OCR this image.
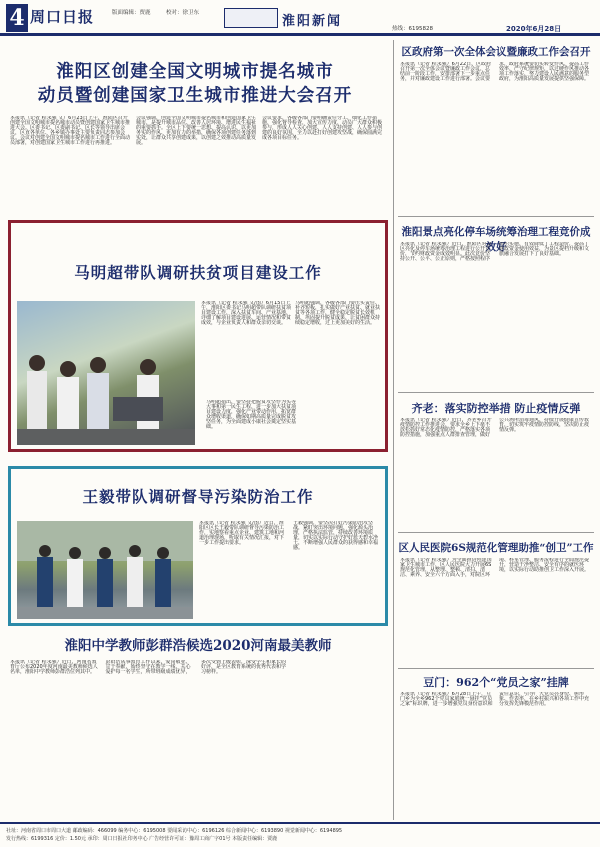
4 周口日报	版面编辑：贾鹿	校对：徐卫东
淮阳新闻	热线：6195828	2020年6月28日
淮阳区创建全国文明城市提名城市
动员暨创建国家卫生城市推进大会召开
本报讯（记者 程永强 文）6月23日上午，淮阳区召开创建全国文明城市提名城市动员暨创建国家卫生城市推进大会。区委书记、区委副书记、区长等领导出席会议，区直各单位、各乡镇办事处主要负责同志参加会议。会议对创建全国文明城市提名城市工作进行全面动员部署，对创建国家卫生城市工作进行再推进。
会议强调，创建全国文明城市提名城市和创建国家卫生城市，是提升城市品位、改善人居环境、增进民生福祉的重要抓手。全区上下要统一思想、提高认识，以更加务实的作风、更加有力的举措，确保各项创建任务落到实处，让群众共享创建成果，以创建之效推动高质量发展。
会议要求，各级各部门要明确责任分工，细化工作措施，强化督导检查，加大宣传力度，动员广大群众积极参与，形成人人关心创建、人人支持创建、人人参与创建的良好氛围，全力以赴打好创建攻坚战，确保圆满完成各项目标任务。
马明超带队调研扶贫项目建设工作
本报讯（记者 程永强 文/图）6月15日上午，淮阳区委书记马明超带队调研扶贫项目建设工作，深入扶贫车间、产业基地，详细了解项目建设进展、运营情况和带贫成效，与企业负责人和群众亲切交谈。
马明超强调，各级各部门要压实责任、补齐短板，扎实做好产业扶贫、就业扶贫等各项工作，健全稳定脱贫长效机制，巩固提升脱贫成果，让贫困群众持续稳定增收，过上更加美好的生活。
马明超指出，要坚持把脱贫攻坚作为头等大事和第一民生工程，进一步加大扶贫项目建设力度，强化产业带动作用，拓宽群众增收渠道，确保如期高质量完成脱贫攻坚任务，为全面建成小康社会奠定坚实基础。
王毅带队调研督导污染防治工作
本报讯（记者 程永强 文/图）近日，淮阳区区长王毅带队调研督导污染防治工作，实地察看重点企业、建筑工地和河道治理现场，听取有关情况汇报，对下一步工作提出要求。
王毅强调，要坚决打好污染防治攻坚战，紧盯突出环境问题，强化源头治理，严格执法监管，持续改善环境质量，切实以实际行动守护好蓝天碧水净土，不断增强人民群众的获得感和幸福感。
淮阳中学教师彭群浩候选2020河南最美教师
本报讯（记者 程永强）近日，河南省教育厅公布2020年度河南最美教师候选人名单，淮阳中学教师彭群浩位列其中。彭群浩从事教育工作以来，爱岗敬业、甘于奉献，始终坚守在教学一线，关心爱护每一名学生，所带班级成绩优异，多次受到上级表彰，深受学生和家长的好评，是全区教育系统的优秀代表和学习榜样。
区政府第一次全体会议暨廉政工作会召开
本报讯（记者 程永强）6月22日，区政府召开第一次全体会议暨廉政工作会议，总结前一阶段工作，安排部署下一步重点任务，并对廉政建设工作进行部署。会议要求，政府系统要切实转变作风，提高工作效率，严守纪律规矩，以过硬作风推动各项工作落实，努力建设人民满意的服务型政府，为淮阳高质量发展提供坚强保障。
淮阳景点亮化停车场统筹治理工程竞价成效好
本报讯（记者 程永强）近日，淮阳区对景区亮化及停车场统筹治理工程进行公开竞价，节约财政资金成效明显。此次竞价坚持公开、公平、公正原则，严格按照程序组织实施，有效降低了工程造价，提高了财政资金使用效益，为景区提档升级和文旅融合发展打下了良好基础。
齐老：落实防控举措 防止疫情反弹
本报讯（记者 程永强）近日，齐老乡召开疫情防控工作推进会，要求全乡上下毫不放松抓好常态化疫情防控，严格落实各项防控措施，加强重点人群排查管理，做好公共场所消毒通风，持续开展健康宣传教育，切实筑牢疫情防控防线，坚决防止疫情反弹。
区人民医院6S规范化管理助推“创卫”工作
本报讯（记者 程永强）为全面推进创建国家卫生城市工作，区人民医院大力开展6S规范化管理，从整理、整顿、清扫、清洁、素养、安全六个方面入手，对院区环境、科室管理、服务流程进行全面规范提升，营造干净整洁、安全有序的就医环境，以实际行动助推创卫工作深入开展。
豆门：962个“党员之家”挂牌
本报讯（记者 程永强）6月28日上午，豆门乡为全乡962个党员家庭统一悬挂“党员之家”标识牌，进一步增强党员身份意识和责任意识，引导广大党员亮身份、树形象、作表率，在乡村振兴和各项工作中充分发挥先锋模范作用。
社址：河南省周口市周口大道 邮政编码：466099 编务中心：6195008 要闻采访中心：6196126 综合新闻中心：6193890 视觉新闻中心：6194895
发行热线：6199316 定价：1.50元 承印：周口日报社印务中心 广告经营许可证：豫周工商广字01号 本版责任编辑：贾鹿
